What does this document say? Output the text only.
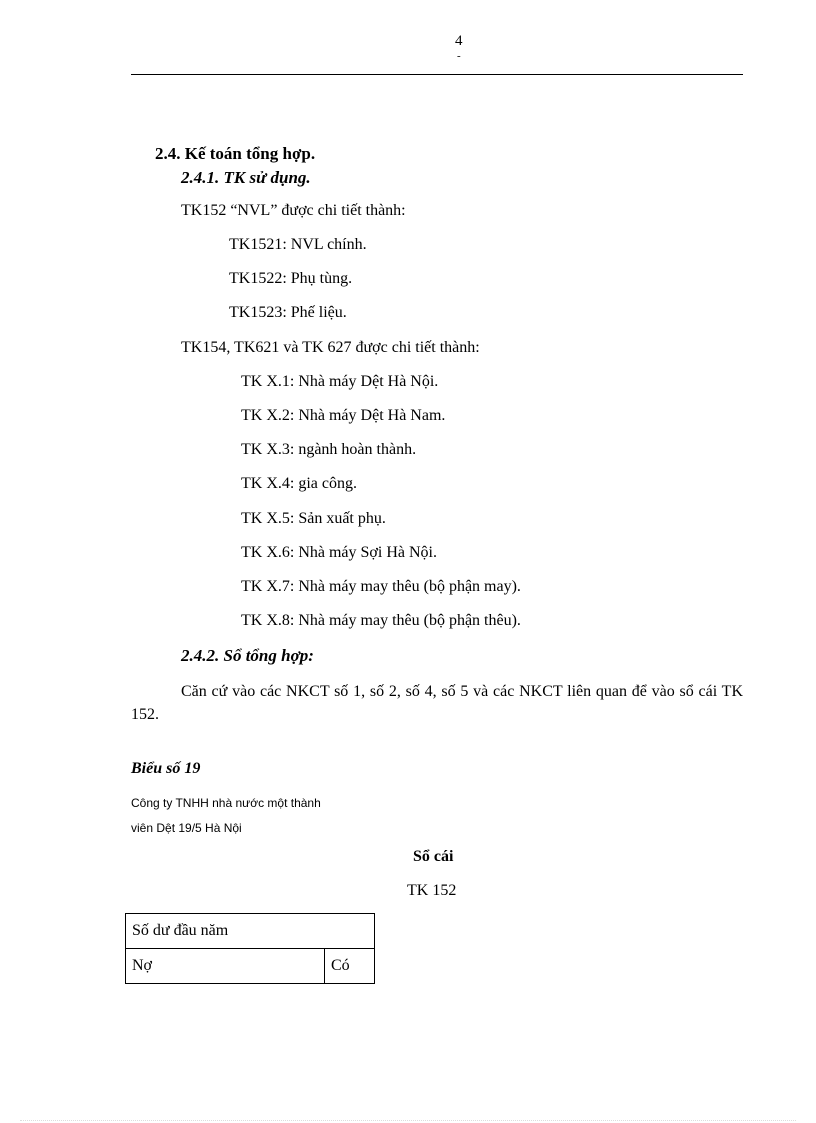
4
-
2.4. Kế toán tổng hợp.
2.4.1. TK sử dụng.
TK152 “NVL” được chi tiết thành:
TK1521: NVL chính.
TK1522: Phụ tùng.
TK1523: Phế liệu.
TK154, TK621 và TK 627 được chi tiết thành:
TK X.1: Nhà máy Dệt Hà Nội.
TK X.2: Nhà máy Dệt Hà Nam.
TK X.3: ngành hoàn thành.
TK X.4: gia công.
TK X.5: Sản xuất phụ.
TK X.6: Nhà máy Sợi Hà Nội.
TK X.7: Nhà máy may thêu (bộ phận may).
TK X.8: Nhà máy may thêu (bộ phận thêu).
2.4.2. Sổ tổng hợp:
Căn cứ vào các NKCT số 1, số 2, số 4, số 5 và các NKCT liên quan để vào sổ cái TK 152.
Biểu số 19
Công ty TNHH nhà nước một thành
viên Dệt 19/5 Hà Nội
Sổ cái
TK 152
Số dư đầu năm
Nợ	Có
